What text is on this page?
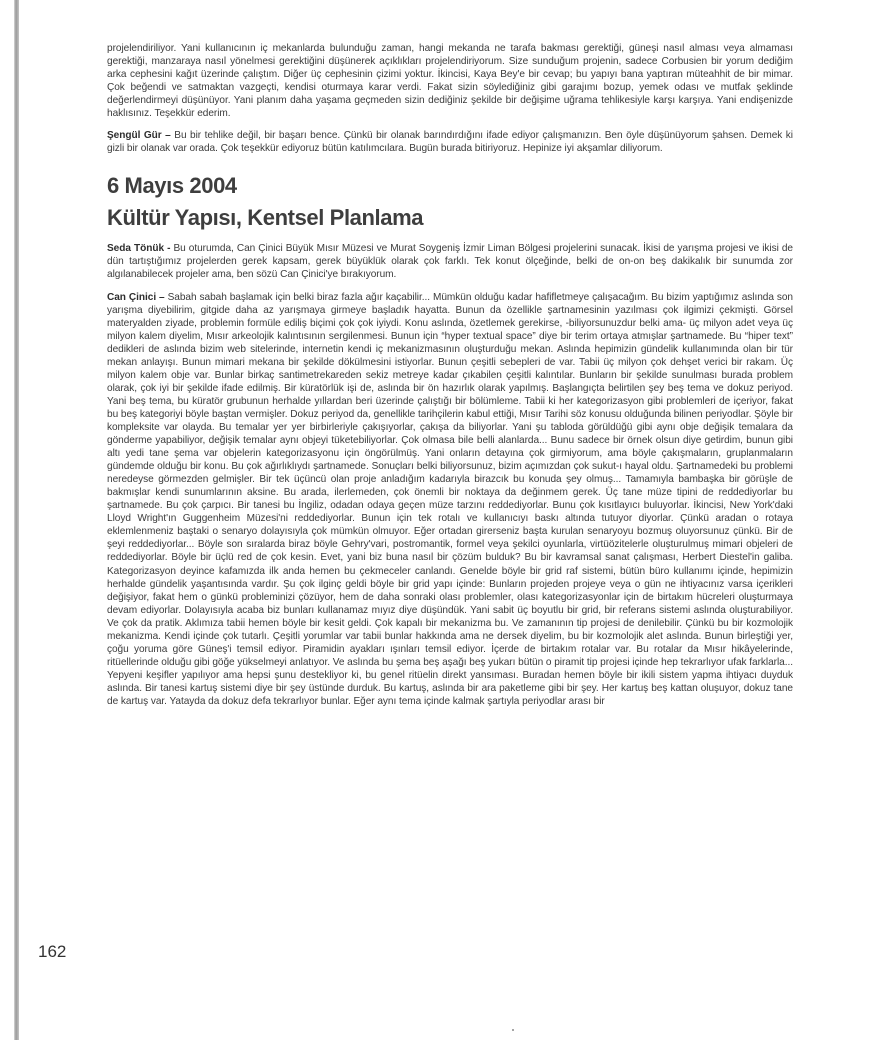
projelendiriliyor. Yani kullanıcının iç mekanlarda bulunduğu zaman, hangi mekanda ne tarafa bakması gerektiği, güneşi nasıl alması veya almaması gerektiği, manzaraya nasıl yönelmesi gerektiğini düşünerek açıklıkları projelendiriyorum. Size sunduğum projenin, sadece Corbusien bir yorum dediğim arka cephesini kağıt üzerinde çalıştım. Diğer üç cephesinin çizimi yoktur. İkincisi, Kaya Bey'e bir cevap; bu yapıyı bana yaptıran müteahhit de bir mimar. Çok beğendi ve satmaktan vazgeçti, kendisi oturmaya karar verdi. Fakat sizin söylediğiniz gibi garajımı bozup, yemek odası ve mutfak şeklinde değerlendirmeyi düşünüyor. Yani planım daha yaşama geçmeden sizin dediğiniz şekilde bir değişime uğrama tehlikesiyle karşı karşıya. Yani endişenizde haklısınız. Teşekkür ederim.

Şengül Gür – Bu bir tehlike değil, bir başarı bence. Çünkü bir olanak barındırdığını ifade ediyor çalışmanızın. Ben öyle düşünüyorum şahsen. Demek ki gizli bir olanak var orada. Çok teşekkür ediyoruz bütün katılımcılara. Bugün burada bitiriyoruz. Hepinize iyi akşamlar diliyorum.

6 Mayıs 2004
Kültür Yapısı, Kentsel Planlama

Seda Tönük - Bu oturumda, Can Çinici Büyük Mısır Müzesi ve Murat Soygeniş İzmir Liman Bölgesi projelerini sunacak. İkisi de yarışma projesi ve ikisi de dün tartıştığımız projelerden gerek kapsam, gerek büyüklük olarak çok farklı. Tek konut ölçeğinde, belki de on-on beş dakikalık bir sunumda zor algılanabilecek projeler ama, ben sözü Can Çinici'ye bırakıyorum.

Can Çinici – Sabah sabah başlamak için belki biraz fazla ağır kaçabilir... Mümkün olduğu kadar hafifletmeye çalışacağım. Bu bizim yaptığımız aslında son yarışma diyebilirim, gitgide daha az yarışmaya girmeye başladık hayatta. Bunun da özellikle şartnamesinin yazılması çok ilgimizi çekmişti. Görsel materyalden ziyade, problemin formüle ediliş biçimi çok çok iyiydi. Konu aslında, özetlemek gerekirse, -biliyorsunuzdur belki ama- üç milyon adet veya üç milyon kalem diyelim, Mısır arkeolojik kalıntısının sergilenmesi. Bunun için “hyper textual space” diye bir terim ortaya atmışlar şartnamede. Bu “hiper text” dedikleri de aslında bizim web sitelerinde, internetin kendi iç mekanizmasının oluşturduğu mekan. Aslında hepimizin gündelik kullanımında olan bir tür mekan anlayışı. Bunun mimari mekana bir şekilde dökülmesini istiyorlar. Bunun çeşitli sebepleri de var. Tabii üç milyon çok dehşet verici bir rakam. Üç milyon kalem obje var. Bunlar birkaç santimetrekareden sekiz metreye kadar çıkabilen çeşitli kalıntılar. Bunların bir şekilde sunulması burada problem olarak, çok iyi bir şekilde ifade edilmiş. Bir küratörlük işi de, aslında bir ön hazırlık olarak yapılmış. Başlangıçta belirtilen şey beş tema ve dokuz periyod. Yani beş tema, bu küratör grubunun herhalde yıllardan beri üzerinde çalıştığı bir bölümleme. Tabii ki her kategorizasyon gibi problemleri de içeriyor, fakat bu beş kategoriyi böyle baştan vermişler. Dokuz periyod da, genellikle tarihçilerin kabul ettiği, Mısır Tarihi söz konusu olduğunda bilinen periyodlar. Şöyle bir kompleksite var olayda. Bu temalar yer yer birbirleriyle çakışıyorlar, çakışa da biliyorlar. Yani şu tabloda görüldüğü gibi aynı obje değişik temalara da gönderme yapabiliyor, değişik temalar aynı objeyi tüketebiliyorlar. Çok olmasa bile belli alanlarda... Bunu sadece bir örnek olsun diye getirdim, bunun gibi altı yedi tane şema var objelerin kategorizasyonu için öngörülmüş. Yani onların detayına çok girmiyorum, ama böyle çakışmaların, gruplanmaların gündemde olduğu bir konu. Bu çok ağırlıklıydı şartnamede. Sonuçları belki biliyorsunuz, bizim açımızdan çok sukut-ı hayal oldu. Şartnamedeki bu problemi neredeyse görmezden gelmişler. Bir tek üçüncü olan proje anladığım kadarıyla birazcık bu konuda şey olmuş... Tamamıyla bambaşka bir görüşle de bakmışlar kendi sunumlarının aksine. Bu arada, ilerlemeden, çok önemli bir noktaya da değinmem gerek. Üç tane müze tipini de reddediyorlar bu şartnamede. Bu çok çarpıcı. Bir tanesi bu İngiliz, odadan odaya geçen müze tarzını reddediyorlar. Bunu çok kısıtlayıcı buluyorlar. İkincisi, New York'daki Lloyd Wright'ın Guggenheim Müzesi'ni reddediyorlar. Bunun için tek rotalı ve kullanıcıyı baskı altında tutuyor diyorlar. Çünkü aradan o rotaya eklemlenmeniz baştaki o senaryo dolayısıyla çok mümkün olmuyor. Eğer ortadan girerseniz başta kurulan senaryoyu bozmuş oluyorsunuz çünkü. Bir de şeyi reddediyorlar... Böyle son sıralarda biraz böyle Gehry'vari, postromantik, formel veya şekilci oyunlarla, virtüözitelerle oluşturulmuş mimari objeleri de reddediyorlar. Böyle bir üçlü red de çok kesin. Evet, yani biz buna nasıl bir çözüm bulduk? Bu bir kavramsal sanat çalışması, Herbert Diestel'in galiba. Kategorizasyon deyince kafamızda ilk anda hemen bu çekmeceler canlandı. Genelde böyle bir grid raf sistemi, bütün büro kullanımı içinde, hepimizin herhalde gündelik yaşantısında vardır. Şu çok ilginç geldi böyle bir grid yapı içinde: Bunların projeden projeye veya o gün ne ihtiyacınız varsa içerikleri değişiyor, fakat hem o günkü probleminizi çözüyor, hem de daha sonraki olası problemler, olası kategorizasyonlar için de birtakım hücreleri oluşturmaya devam ediyorlar. Dolayısıyla acaba biz bunları kullanamaz mıyız diye düşündük. Yani sabit üç boyutlu bir grid, bir referans sistemi aslında oluşturabiliyor. Ve çok da pratik. Aklımıza tabii hemen böyle bir kesit geldi. Çok kapalı bir mekanizma bu. Ve zamanının tip projesi de denilebilir. Çünkü bu bir kozmolojik mekanizma. Kendi içinde çok tutarlı. Çeşitli yorumlar var tabii bunlar hakkında ama ne dersek diyelim, bu bir kozmolojik alet aslında. Bunun birleştiği yer, çoğu yoruma göre Güneş'i temsil ediyor. Piramidin ayakları ışınları temsil ediyor. İçerde de birtakım rotalar var. Bu rotalar da Mısır hikâyelerinde, ritüellerinde olduğu gibi göğe yükselmeyi anlatıyor. Ve aslında bu şema beş aşağı beş yukarı bütün o piramit tip projesi içinde hep tekrarlıyor ufak farklarla... Yepyeni keşifler yapılıyor ama hepsi şunu destekliyor ki, bu genel ritüelin direkt yansıması. Buradan hemen böyle bir ikili sistem yapma ihtiyacı duyduk aslında. Bir tanesi kartuş sistemi diye bir şey üstünde durduk. Bu kartuş, aslında bir ara paketleme gibi bir şey. Her kartuş beş kattan oluşuyor, dokuz tane de kartuş var. Yatayda da dokuz defa tekrarlıyor bunlar. Eğer aynı tema içinde kalmak şartıyla periyodlar arası bir

162
